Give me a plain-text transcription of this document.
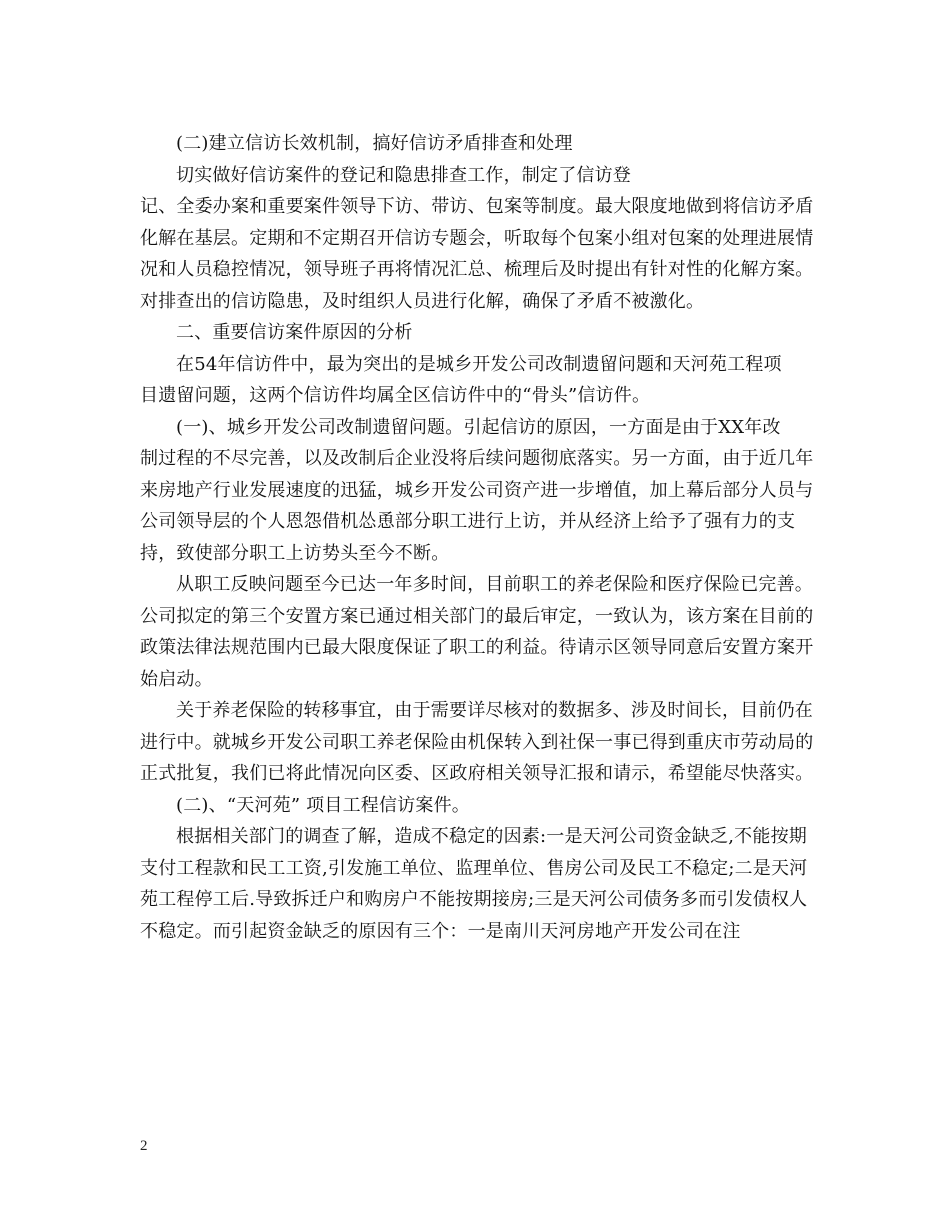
(二)建立信访长效机制，搞好信访矛盾排查和处理

切实做好信访案件的登记和隐患排查工作，制定了信访登

记、全委办案和重要案件领导下访、带访、包案等制度。最大限度地做到将信访矛盾化解在基层。定期和不定期召开信访专题会，听取每个包案小组对包案的处理进展情况和人员稳控情况，领导班子再将情况汇总、梳理后及时提出有针对性的化解方案。对排查出的信访隐患，及时组织人员进行化解，确保了矛盾不被激化。

二、重要信访案件原因的分析

在54年信访件中，最为突出的是城乡开发公司改制遗留问题和天河苑工程项

目遗留问题，这两个信访件均属全区信访件中的“骨头”信访件。

(一)、城乡开发公司改制遗留问题。引起信访的原因，一方面是由于XX年改

制过程的不尽完善，以及改制后企业没将后续问题彻底落实。另一方面，由于近几年来房地产行业发展速度的迅猛，城乡开发公司资产进一步增值，加上幕后部分人员与公司领导层的个人恩怨借机怂恿部分职工进行上访，并从经济上给予了强有力的支持，致使部分职工上访势头至今不断。

从职工反映问题至今已达一年多时间，目前职工的养老保险和医疗保险已完善。公司拟定的第三个安置方案已通过相关部门的最后审定，一致认为，该方案在目前的政策法律法规范围内已最大限度保证了职工的利益。待请示区领导同意后安置方案开始启动。

关于养老保险的转移事宜，由于需要详尽核对的数据多、涉及时间长，目前仍在进行中。就城乡开发公司职工养老保险由机保转入到社保一事已得到重庆市劳动局的正式批复，我们已将此情况向区委、区政府相关领导汇报和请示，希望能尽快落实。

(二)、“天河苑” 项目工程信访案件。

根据相关部门的调查了解，造成不稳定的因素:一是天河公司资金缺乏,不能按期支付工程款和民工工资,引发施工单位、监理单位、售房公司及民工不稳定;二是天河苑工程停工后.导致拆迁户和购房户不能按期接房;三是天河公司债务多而引发债权人不稳定。而引起资金缺乏的原因有三个：一是南川天河房地产开发公司在注

2
